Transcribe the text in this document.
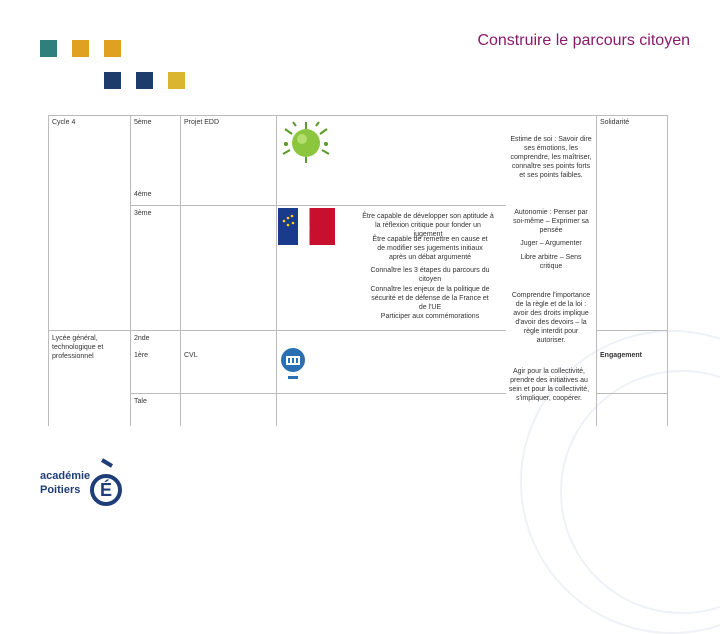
Construire le parcours citoyen
Cycle 4
Lycée général, technologique et professionnel
5ème
4ème
3ème
2nde
1ère
Tale
Projet EDD
CVL
Être capable de développer son aptitude à la réflexion critique pour fonder un jugement
Être capable de remettre en cause et de modifier ses jugements initiaux après un débat argumenté
Connaître les 3 étapes du parcours du citoyen
Connaître les enjeux de la politique de sécurité et de défense de la France et de l'UE
Participer aux commémorations
Estime de soi : Savoir dire ses émotions, les comprendre, les maîtriser, connaître ses points forts et ses points faibles.
Autonomie : Penser par soi-même – Exprimer sa pensée
Juger – Argumenter
Libre arbitre – Sens critique
Comprendre l'importance de la règle et de la loi : avoir des droits implique d'avoir des devoirs – la règle interdit pour autoriser.
Agir pour la collectivité, prendre des initiatives au sein et pour la collectivité, s'impliquer, coopérer.
Solidarité
Engagement
académie
Poitiers É
